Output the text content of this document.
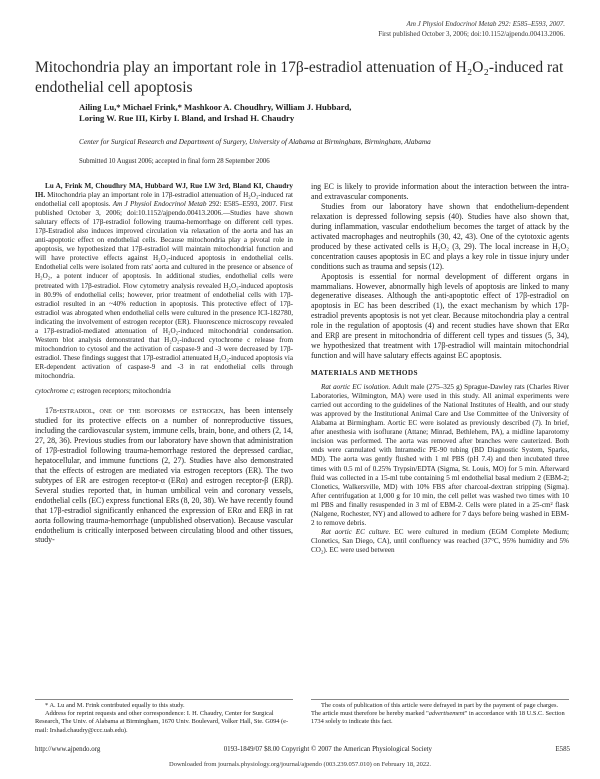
Am J Physiol Endocrinol Metab 292: E585–E593, 2007.
First published October 3, 2006; doi:10.1152/ajpendo.00413.2006.
Mitochondria play an important role in 17β-estradiol attenuation of H₂O₂-induced rat endothelial cell apoptosis
Ailing Lu,* Michael Frink,* Mashkoor A. Choudhry, William J. Hubbard,
Loring W. Rue III, Kirby I. Bland, and Irshad H. Chaudry
Center for Surgical Research and Department of Surgery, University of Alabama at Birmingham, Birmingham, Alabama
Submitted 10 August 2006; accepted in final form 28 September 2006

Lu A, Frink M, Choudhry MA, Hubbard WJ, Rue LW 3rd, Bland KI, Chaudry IH. Mitochondria play an important role in 17β-estradiol attenuation of H₂O₂-induced rat endothelial cell apoptosis. Am J Physiol Endocrinol Metab 292: E585–E593, 2007. First published October 3, 2006; doi:10.1152/ajpendo.00413.2006.—Studies have shown salutary effects of 17β-estradiol following trauma-hemorrhage on different cell types. 17β-Estradiol also induces improved circulation via relaxation of the aorta and has an anti-apoptotic effect on endothelial cells. Because mitochondria play a pivotal role in apoptosis, we hypothesized that 17β-estradiol will maintain mitochondrial function and will have protective effects against H₂O₂-induced apoptosis in endothelial cells. Endothelial cells were isolated from rats' aorta and cultured in the presence or absence of H₂O₂, a potent inducer of apoptosis. In additional studies, endothelial cells were pretreated with 17β-estradiol. Flow cytometry analysis revealed H₂O₂-induced apoptosis in 80.9% of endothelial cells; however, prior treatment of endothelial cells with 17β-estradiol resulted in an ~40% reduction in apoptosis. This protective effect of 17β-estradiol was abrogated when endothelial cells were cultured in the presence ICI-182780, indicating the involvement of estrogen receptor (ER). Fluorescence microscopy revealed a 17β-estradiol-mediated attenuation of H₂O₂-induced mitochondrial condensation. Western blot analysis demonstrated that H₂O₂-induced cytochrome c release from mitochondrion to cytosol and the activation of caspase-9 and -3 were decreased by 17β-estradiol. These findings suggest that 17β-estradiol attenuated H₂O₂-induced apoptosis via ER-dependent activation of caspase-9 and -3 in rat endothelial cells through mitochondria.

cytochrome c; estrogen receptors; mitochondria

17β-estradiol, one of the isoforms of estrogen, has been intensely studied for its protective effects on a number of nonreproductive tissues, including the cardiovascular system, immune cells, brain, bone, and others (2, 14, 27, 28, 36). Previous studies from our laboratory have shown that administration of 17β-estradiol following trauma-hemorrhage restored the depressed cardiac, hepatocellular, and immune functions (2, 27). Studies have also demonstrated that the effects of estrogen are mediated via estrogen receptors (ER). The two subtypes of ER are estrogen receptor-α (ERα) and estrogen receptor-β (ERβ). Several studies reported that, in human umbilical vein and coronary vessels, endothelial cells (EC) express functional ERs (8, 20, 38). We have recently found that 17β-estradiol significantly enhanced the expression of ERα and ERβ in rat aorta following trauma-hemorrhage (unpublished observation). Because vascular endothelium is critically interposed between circulating blood and other tissues, study-

ing EC is likely to provide information about the interaction between the intra- and extravascular components.

Studies from our laboratory have shown that endothelium-dependent relaxation is depressed following sepsis (40). Studies have also shown that, during inflammation, vascular endothelium becomes the target of attack by the activated macrophages and neutrophils (30, 42, 43). One of the cytotoxic agents produced by these activated cells is H₂O₂ (3, 29). The local increase in H₂O₂ concentration causes apoptosis in EC and plays a key role in tissue injury under conditions such as trauma and sepsis (12).

Apoptosis is essential for normal development of different organs in mammalians. However, abnormally high levels of apoptosis are linked to many degenerative diseases. Although the anti-apoptotic effect of 17β-estradiol on apoptosis in EC has been described (1), the exact mechanism by which 17β-estradiol prevents apoptosis is not yet clear. Because mitochondria play a central role in the regulation of apoptosis (4) and recent studies have shown that ERα and ERβ are present in mitochondria of different cell types and tissues (5, 34), we hypothesized that treatment with 17β-estradiol will maintain mitochondrial function and will have salutary effects against EC apoptosis.

MATERIALS AND METHODS

Rat aortic EC isolation. Adult male (275–325 g) Sprague-Dawley rats (Charles River Laboratories, Wilmington, MA) were used in this study. All animal experiments were carried out according to the guidelines of the National Institutes of Health, and our study was approved by the Institutional Animal Care and Use Committee of the University of Alabama at Birmingham. Aortic EC were isolated as previously described (7). In brief, after anesthesia with isoflurane (Attane; Minrad, Bethlehem, PA), a midline laparotomy incision was performed. The aorta was removed after branches were cauterized. Both ends were cannulated with Intramedic PE-90 tubing (BD Diagnostic System, Sparks, MD). The aorta was gently flushed with 1 ml PBS (pH 7.4) and then incubated three times with 0.5 ml of 0.25% Trypsin/EDTA (Sigma, St. Louis, MO) for 5 min. Afterward fluid was collected in a 15-ml tube containing 5 ml endothelial basal medium 2 (EBM-2; Clonetics, Walkersville, MD) with 10% FBS after charcoal-dextran stripping (Sigma). After centrifugation at 1,000 g for 10 min, the cell pellet was washed two times with 10 ml PBS and finally resuspended in 3 ml of EBM-2. Cells were plated in a 25-cm² flask (Nalgene, Rochester, NY) and allowed to adhere for 7 days before being washed in EBM-2 to remove debris.

Rat aortic EC culture. EC were cultured in medium (EGM Complete Medium; Clonetics, San Diego, CA), until confluency was reached (37°C, 95% humidity and 5% CO₂). EC were used between

* A. Lu and M. Frink contributed equally to this study.

Address for reprint requests and other correspondence: I. H. Chaudry, Center for Surgical Research, The Univ. of Alabama at Birmingham, 1670 Univ. Boulevard, Volker Hall, Ste. G094 (e-mail: Irshad.chaudry@ccc.uab.edu).

The costs of publication of this article were defrayed in part by the payment of page charges. The article must therefore be hereby marked "advertisement" in accordance with 18 U.S.C. Section 1734 solely to indicate this fact.

http://www.ajpendo.org	0193-1849/07 $8.00 Copyright © 2007 the American Physiological Society	E585
Downloaded from journals.physiology.org/journal/ajpendo (003.239.057.010) on February 18, 2022.
